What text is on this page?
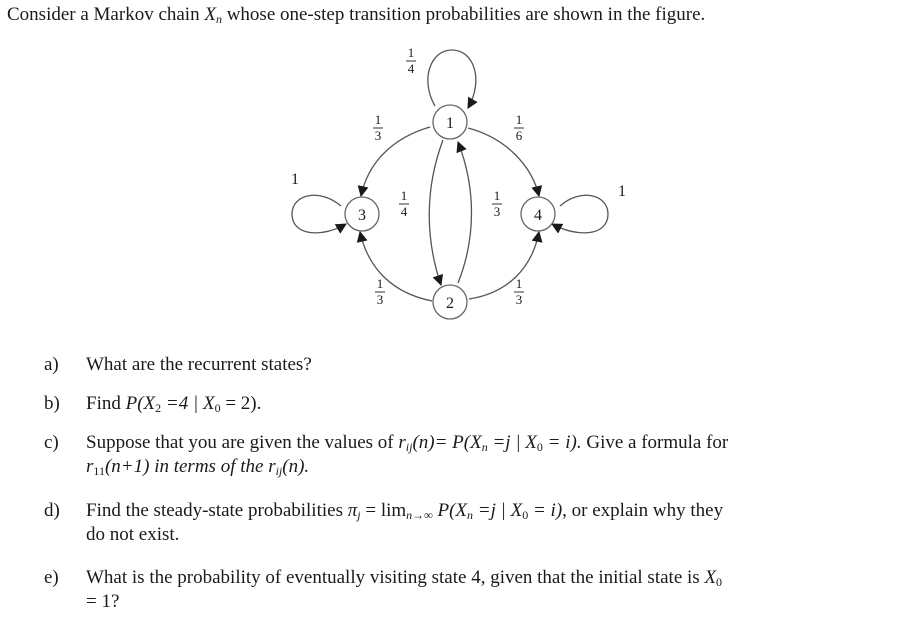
Consider a Markov chain $X_n$ whose one-step transition probabilities are shown in the figure.
1
2
3	4
1
4
1
3
1
6
1
4
1
3
1
3
1
3
1
1
a)	What are the recurrent states?
b)	Find $P(X_2 =4$ | $X_0 = 2$).
c)	Suppose that you are given the values of $r_{ij}(n)= P(X_n =j$ | $X_0 = i$). Give a formula for
$r_{11}(n+1)$ in terms of the $r_{ij}(n)$.
d)	Find the steady-state probabilities $\pi_j = \lim_{n\to\infty} P(X_n =j$ | $X_0 = i$), or explain why they
do not exist.
e)	What is the probability of eventually visiting state 4, given that the initial state is $X_0$
= 1?
